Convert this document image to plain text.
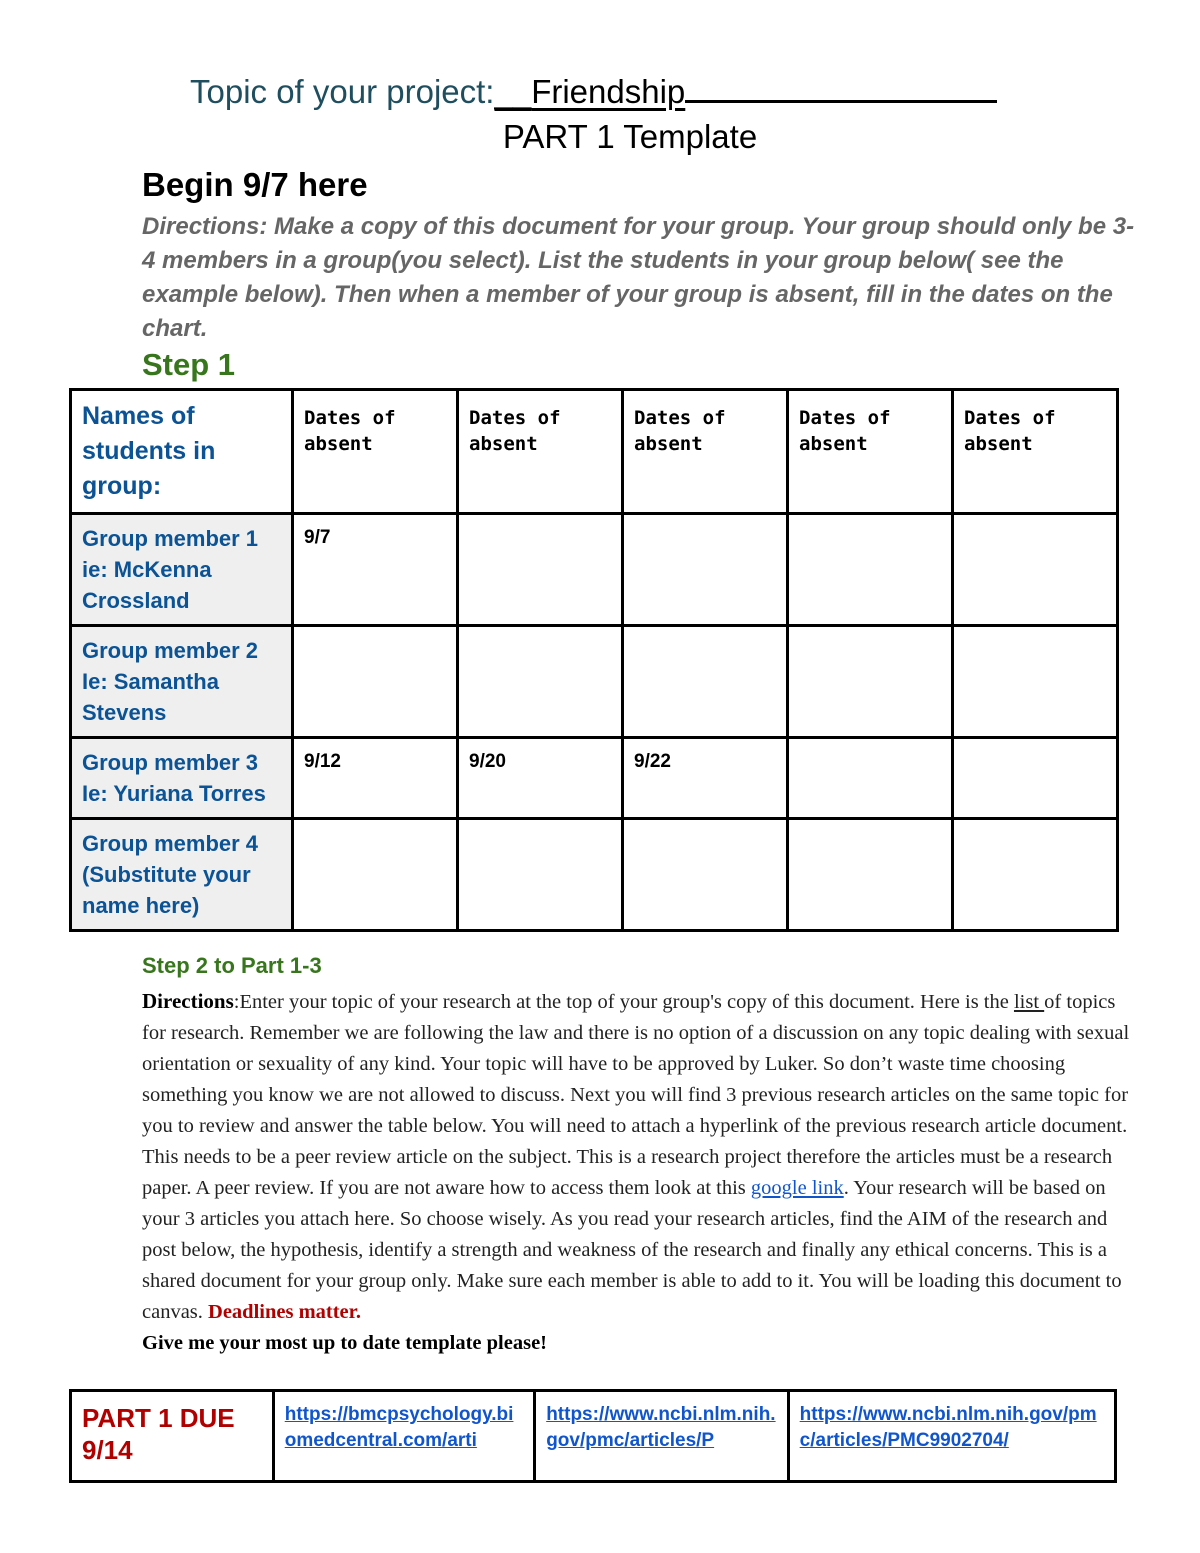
Topic of your project:__Friendship
PART 1 Template
Begin 9/7 here
Directions: Make a copy of this document for your group. Your group should only be 3-4 members in a group(you select). List the students in your group below( see the example below). Then when a member of your group is absent, fill in the dates on the chart.
Step 1
Names of students in group:	Dates of absent	Dates of absent	Dates of absent	Dates of absent	Dates of absent
Group member 1 ie: McKenna Crossland	9/7				
Group member 2 Ie: Samantha Stevens					
Group member 3 Ie: Yuriana Torres	9/12	9/20	9/22		
Group member 4 (Substitute your name here)					
Step 2 to Part 1-3
Directions:Enter your topic of your research at the top of your group's copy of this document. Here is the list of topics for research. Remember we are following the law and there is no option of a discussion on any topic dealing with sexual orientation or sexuality of any kind. Your topic will have to be approved by Luker. So don’t waste time choosing something you know we are not allowed to discuss. Next you will find 3 previous research articles on the same topic for you to review and answer the table below. You will need to attach a hyperlink of the previous research article document. This needs to be a peer review article on the subject. This is a research project therefore the articles must be a research paper. A peer review. If you are not aware how to access them look at this google link. Your research will be based on your 3 articles you attach here. So choose wisely. As you read your research articles, find the AIM of the research and post below, the hypothesis, identify a strength and weakness of the research and finally any ethical concerns. This is a shared document for your group only. Make sure each member is able to add to it. You will be loading this document to canvas. Deadlines matter.
Give me your most up to date template please!
PART 1 DUE 9/14	https://bmcpsychology.biomedcentral.com/arti	https://www.ncbi.nlm.nih.gov/pmc/articles/P	https://www.ncbi.nlm.nih.gov/pmc/articles/PMC9902704/
